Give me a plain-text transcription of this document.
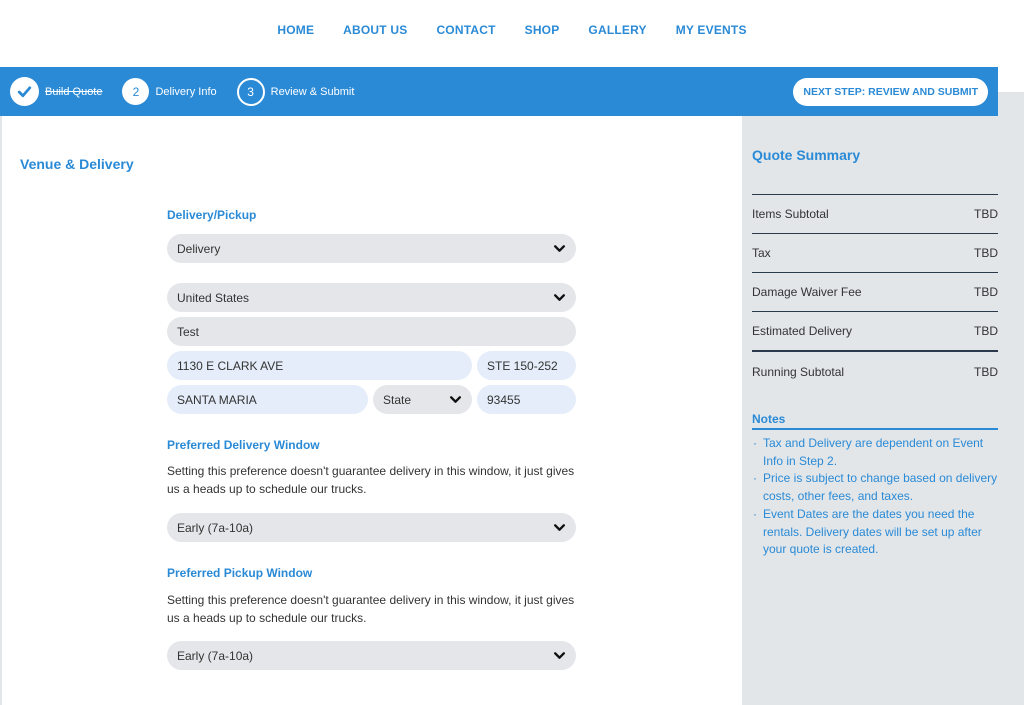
HOME ABOUT US CONTACT SHOP GALLERY MY EVENTS
Build Quote	2	Delivery Info	3	Review & Submit	NEXT STEP: REVIEW AND SUBMIT
Venue & Delivery
Delivery/Pickup
Delivery
United States
Test
1130 E CLARK AVE	STE 150-252
SANTA MARIA	State	93455
Preferred Delivery Window
Setting this preference doesn't guarantee delivery in this window, it just gives us a heads up to schedule our trucks.
Early (7a-10a)
Preferred Pickup Window
Setting this preference doesn't guarantee delivery in this window, it just gives us a heads up to schedule our trucks.
Early (7a-10a)
Quote Summary
Items Subtotal	TBD
Tax	TBD
Damage Waiver Fee	TBD
Estimated Delivery	TBD
Running Subtotal	TBD
Notes
· Tax and Delivery are dependent on Event Info in Step 2.
· Price is subject to change based on delivery costs, other fees, and taxes.
· Event Dates are the dates you need the rentals. Delivery dates will be set up after your quote is created.
